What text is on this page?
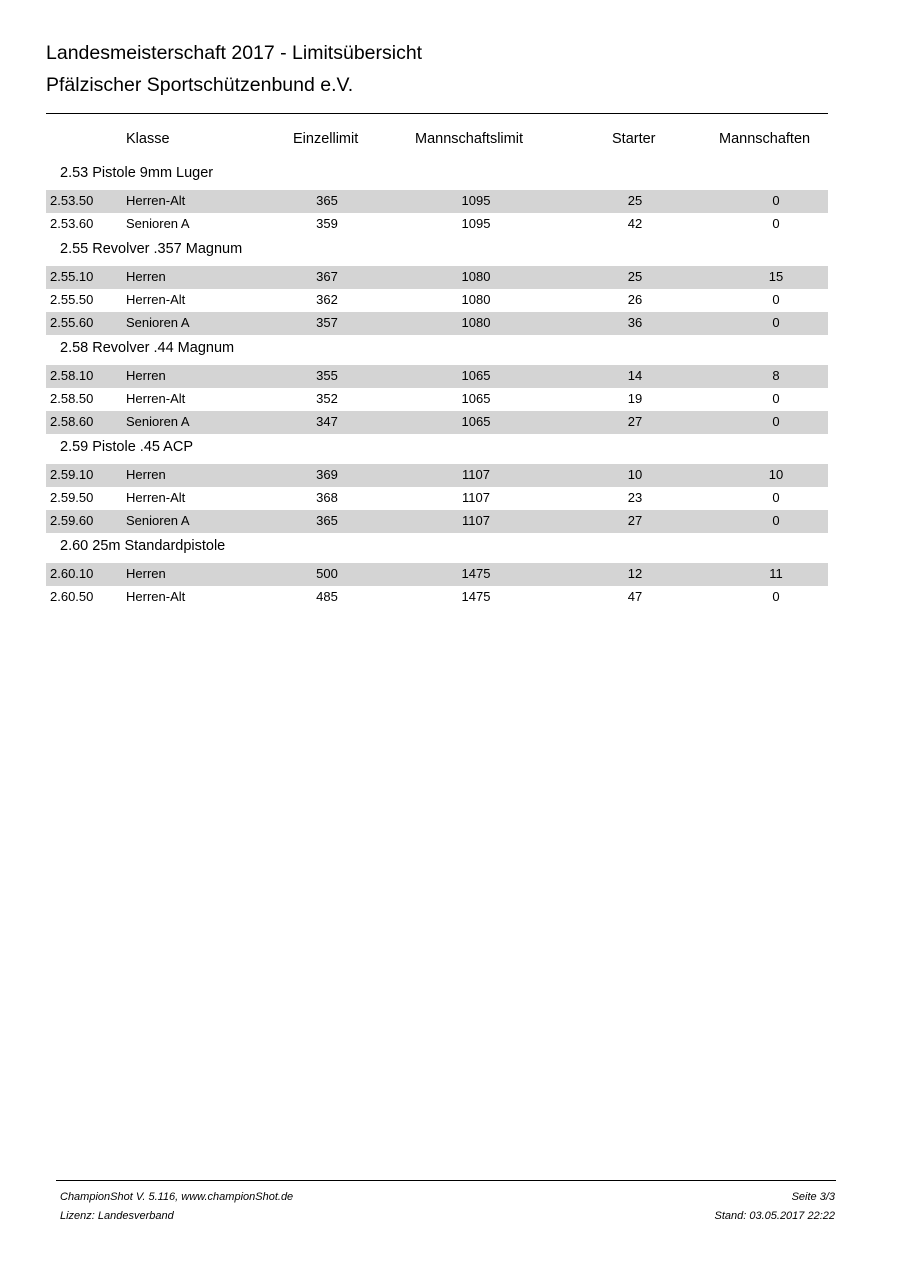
Landesmeisterschaft 2017 - Limitsübersicht
Pfälzischer Sportschützenbund e.V.
Klasse	Einzellimit	Mannschaftslimit	Starter	Mannschaften
2.53 Pistole 9mm Luger
2.53.50	Herren-Alt	365	1095	25	0
2.53.60	Senioren A	359	1095	42	0
2.55 Revolver .357 Magnum
2.55.10	Herren	367	1080	25	15
2.55.50	Herren-Alt	362	1080	26	0
2.55.60	Senioren A	357	1080	36	0
2.58 Revolver .44 Magnum
2.58.10	Herren	355	1065	14	8
2.58.50	Herren-Alt	352	1065	19	0
2.58.60	Senioren A	347	1065	27	0
2.59 Pistole .45 ACP
2.59.10	Herren	369	1107	10	10
2.59.50	Herren-Alt	368	1107	23	0
2.59.60	Senioren A	365	1107	27	0
2.60 25m Standardpistole
2.60.10	Herren	500	1475	12	11
2.60.50	Herren-Alt	485	1475	47	0
ChampionShot V. 5.116, www.championShot.de
Lizenz: Landesverband
Seite 3/3
Stand: 03.05.2017 22:22
